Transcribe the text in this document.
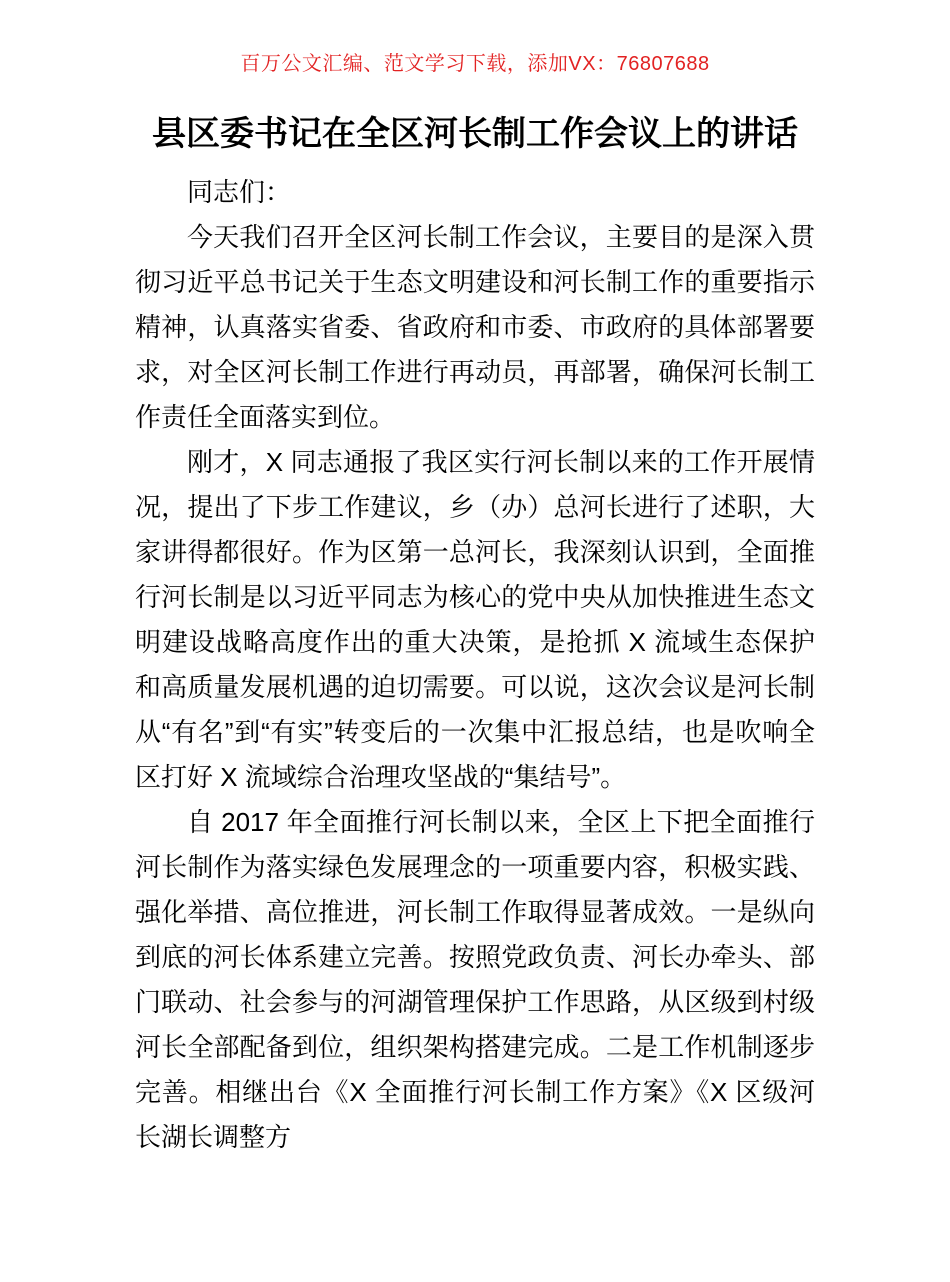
百万公文汇编、范文学习下载，添加VX：76807688
县区委书记在全区河长制工作会议上的讲话

同志们：

今天我们召开全区河长制工作会议，主要目的是深入贯彻习近平总书记关于生态文明建设和河长制工作的重要指示精神，认真落实省委、省政府和市委、市政府的具体部署要求，对全区河长制工作进行再动员，再部署，确保河长制工作责任全面落实到位。

刚才，X 同志通报了我区实行河长制以来的工作开展情况，提出了下步工作建议，乡（办）总河长进行了述职，大家讲得都很好。作为区第一总河长，我深刻认识到，全面推行河长制是以习近平同志为核心的党中央从加快推进生态文明建设战略高度作出的重大决策，是抢抓 X 流域生态保护和高质量发展机遇的迫切需要。可以说，这次会议是河长制从“有名”到“有实”转变后的一次集中汇报总结，也是吹响全区打好 X 流域综合治理攻坚战的“集结号”。

自 2017 年全面推行河长制以来，全区上下把全面推行河长制作为落实绿色发展理念的一项重要内容，积极实践、强化举措、高位推进，河长制工作取得显著成效。一是纵向到底的河长体系建立完善。按照党政负责、河长办牵头、部门联动、社会参与的河湖管理保护工作思路，从区级到村级河长全部配备到位，组织架构搭建完成。二是工作机制逐步完善。相继出台《X 全面推行河长制工作方案》《X 区级河长湖长调整方
